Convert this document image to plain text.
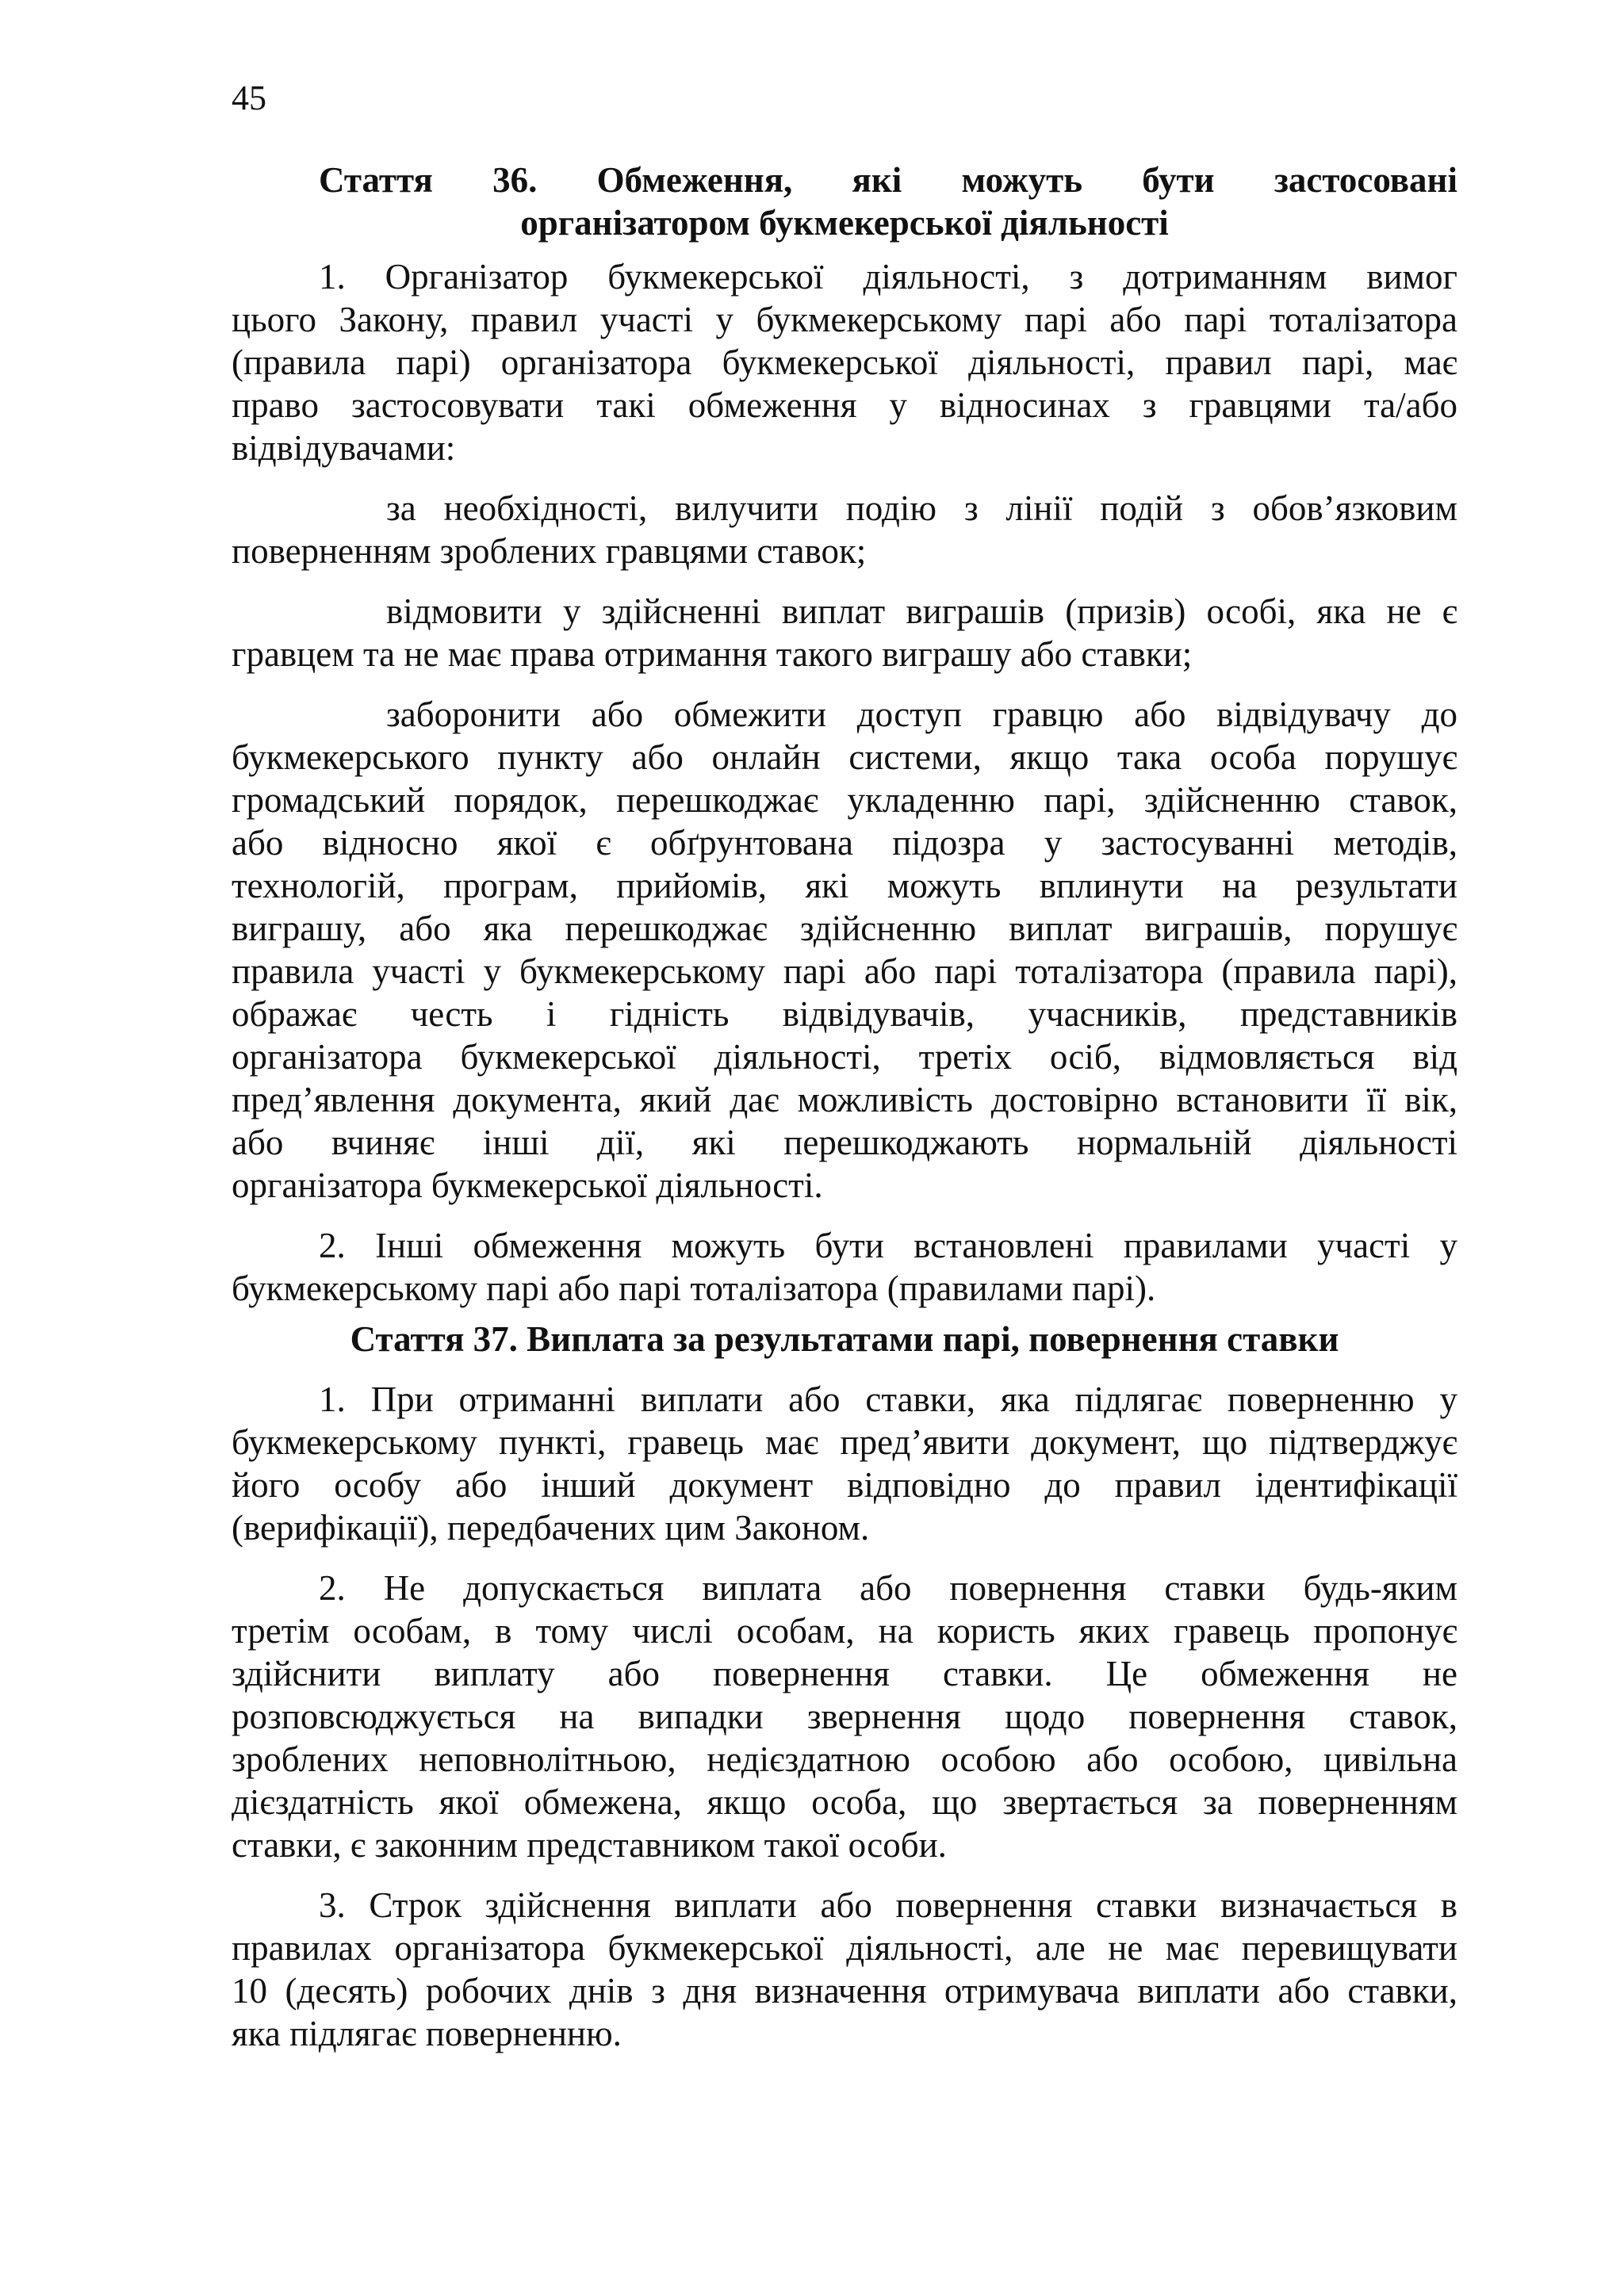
45
Стаття 36. Обмеження, які можуть бути застосовані
організатором букмекерської діяльності
1. Організатор букмекерської діяльності, з дотриманням вимог
цього Закону, правил участі у букмекерському парі або парі тоталізатора
(правила парі) організатора букмекерської діяльності, правил парі, має
право застосовувати такі обмеження у відносинах з гравцями та/або
відвідувачами:
за необхідності, вилучити подію з лінії подій з обов’язковим
поверненням зроблених гравцями ставок;
відмовити у здійсненні виплат виграшів (призів) особі, яка не є
гравцем та не має права отримання такого виграшу або ставки;
заборонити або обмежити доступ гравцю або відвідувачу до
букмекерського пункту або онлайн системи, якщо така особа порушує
громадський порядок, перешкоджає укладенню парі, здійсненню ставок,
або відносно якої є обґрунтована підозра у застосуванні методів,
технологій, програм, прийомів, які можуть вплинути на результати
виграшу, або яка перешкоджає здійсненню виплат виграшів, порушує
правила участі у букмекерському парі або парі тоталізатора (правила парі),
ображає честь і гідність відвідувачів, учасників, представників
організатора букмекерської діяльності, третіх осіб, відмовляється від
пред’явлення документа, який дає можливість достовірно встановити її вік,
або вчиняє інші дії, які перешкоджають нормальній діяльності
організатора букмекерської діяльності.
2. Інші обмеження можуть бути встановлені правилами участі у
букмекерському парі або парі тоталізатора (правилами парі).
Стаття 37. Виплата за результатами парі, повернення ставки
1. При отриманні виплати або ставки, яка підлягає поверненню у
букмекерському пункті, гравець має пред’явити документ, що підтверджує
його особу або інший документ відповідно до правил ідентифікації
(верифікації), передбачених цим Законом.
2. Не допускається виплата або повернення ставки будь-яким
третім особам, в тому числі особам, на користь яких гравець пропонує
здійснити виплату або повернення ставки. Це обмеження не
розповсюджується на випадки звернення щодо повернення ставок,
зроблених неповнолітньою, недієздатною особою або особою, цивільна
дієздатність якої обмежена, якщо особа, що звертається за поверненням
ставки, є законним представником такої особи.
3. Строк здійснення виплати або повернення ставки визначається в
правилах організатора букмекерської діяльності, але не має перевищувати
10 (десять) робочих днів з дня визначення отримувача виплати або ставки,
яка підлягає поверненню.
